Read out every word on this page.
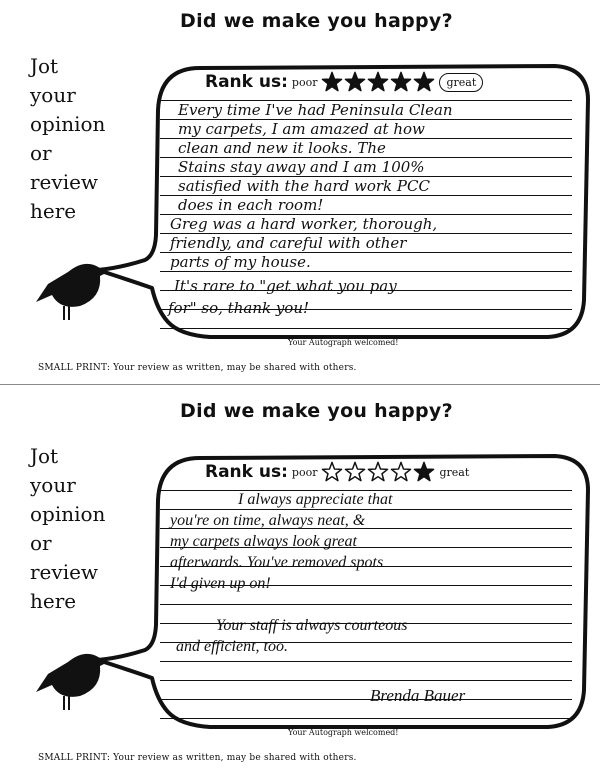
Did we make you happy?
Jot
your
opinion
or
review
here
Rank us: poor	great
Every time I've had Peninsula Clean
my carpets, I am amazed at how
clean and new it looks. The
Stains stay away and I am 100%
satisfied with the hard work PCC
does in each room!
Greg was a hard worker, thorough,
friendly, and careful with other
parts of my house.
It's rare to "get what you pay
for" so, thank you!
Your Autograph welcomed!
SMALL PRINT: Your review as written, may be shared with others.
Did we make you happy?
Jot
your
opinion
or
review
here
Rank us: poor	great
I always appreciate that
you're on time, always neat, &
my carpets always look great
afterwards. You've removed spots
I'd given up on!
Your staff is always courteous
and efficient, too.
Brenda Bauer
Your Autograph welcomed!
SMALL PRINT: Your review as written, may be shared with others.
